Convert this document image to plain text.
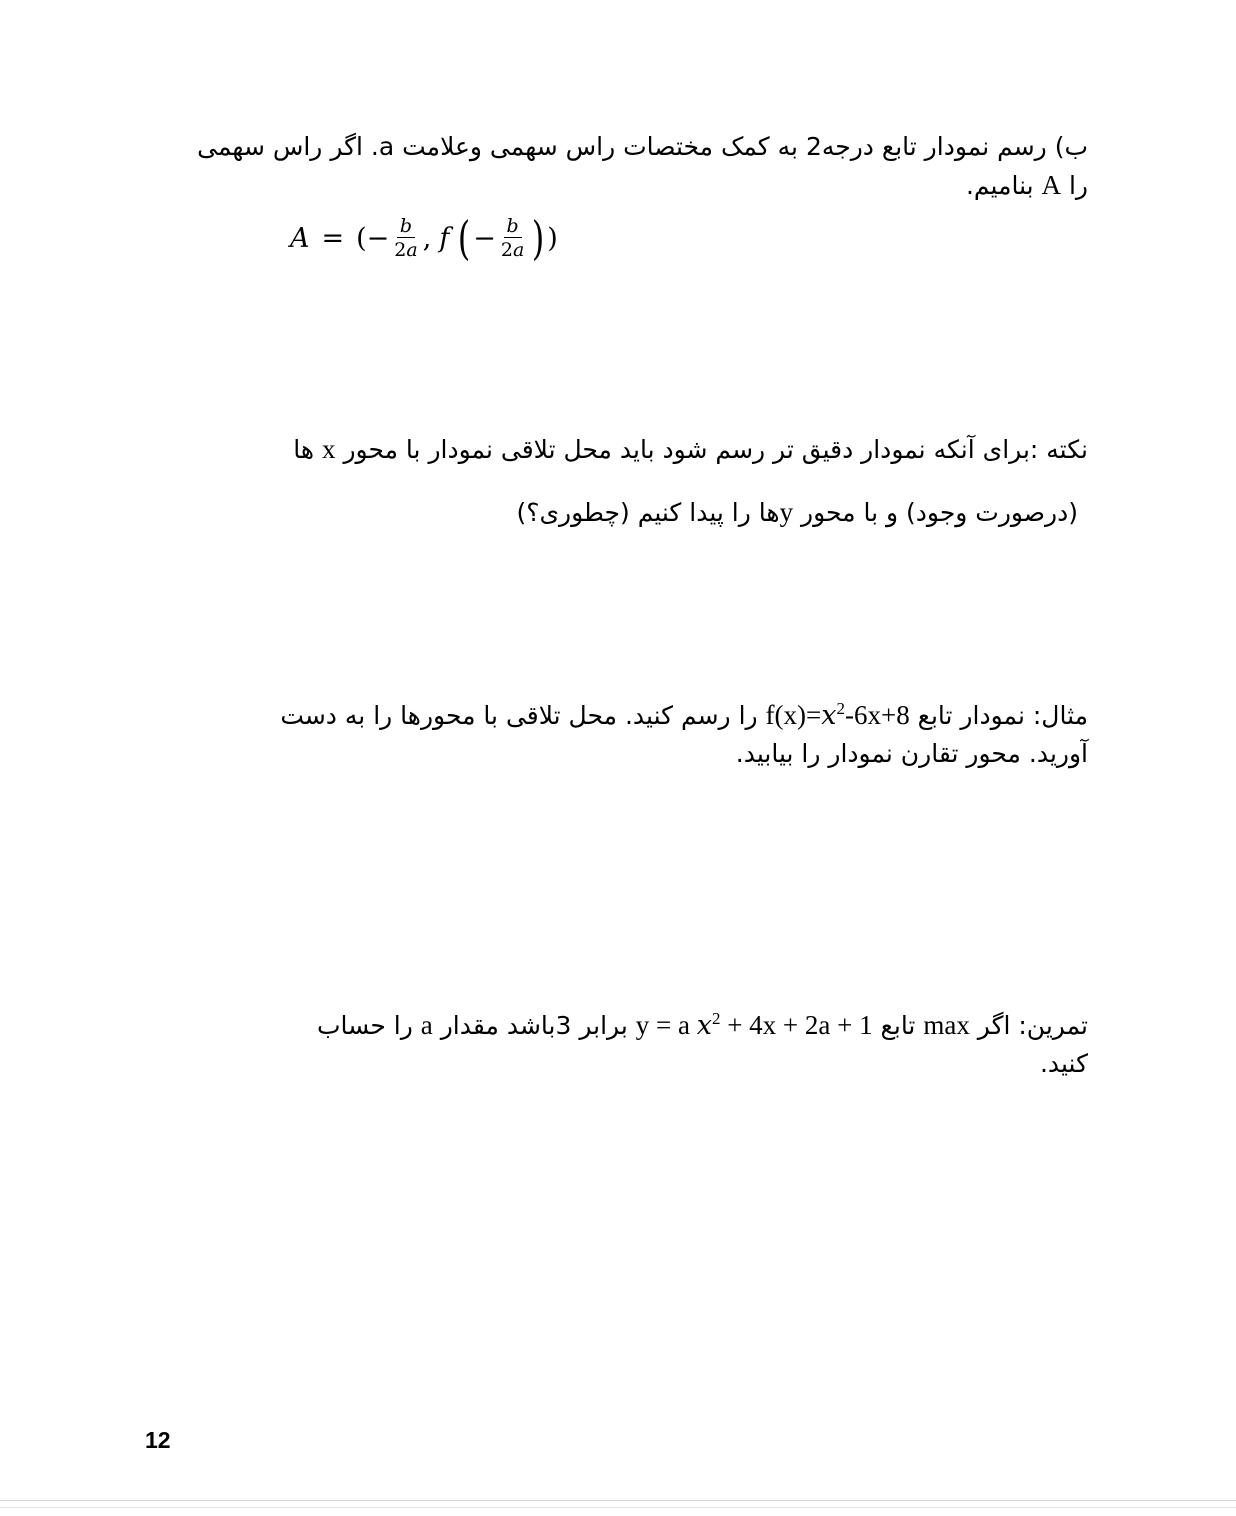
ب) رسم نمودار تابع درجه2 به کمک مختصات راس سهمی وعلامت a. اگر راس سهمی
را A بنامیم.
A = (− $\frac{b}{2a}$ , f ( − $\frac{b}{2a}$ ) )
نکته :برای آنکه نمودار دقیق تر رسم شود باید محل تلاقی نمودار با محور x ها
(درصورت وجود) و با محور yها را پیدا کنیم (چطوری؟)
مثال: نمودار تابع $f(x)=x^2-6x+8$ را رسم کنید. محل تلاقی با محورها را به دست
آورید. محور تقارن نمودار را بیابید.
تمرین: اگر max تابع y = a $x^2 + 4x + 2a + 1$ برابر 3باشد مقدار a را حساب
کنید.
12
